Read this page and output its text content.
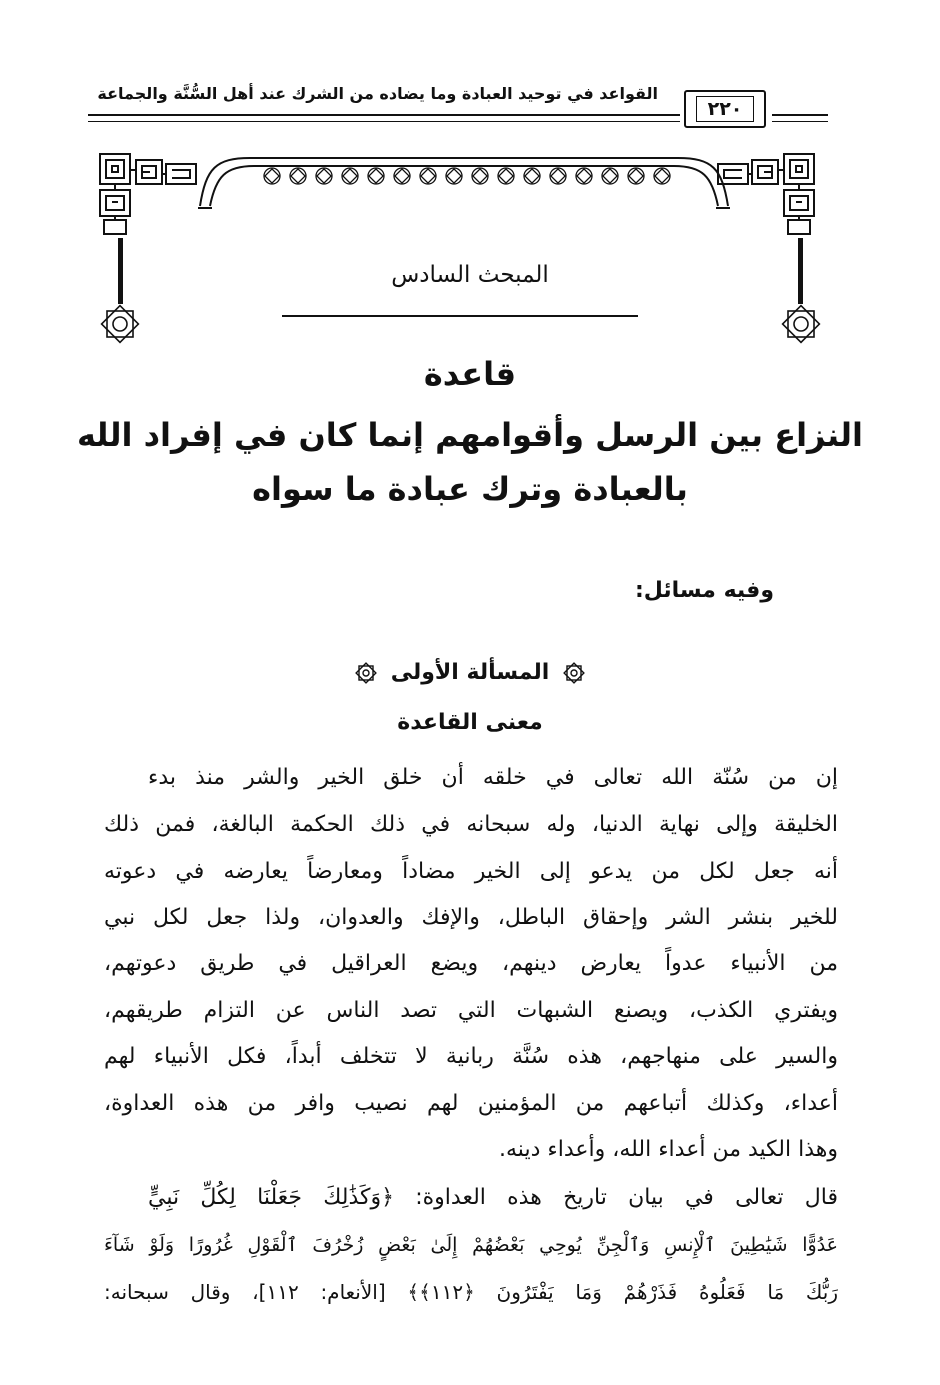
القواعد في توحيد العبادة وما يضاده من الشرك عند أهل السُّنَّة والجماعة
٢٢٠
المبحث السادس
قاعدة
النزاع بين الرسل وأقوامهم إنما كان في إفراد الله
بالعبادة وترك عبادة ما سواه
وفيه مسائل:
المسألة الأولى
معنى القاعدة
إن من سُنّة الله تعالى في خلقه أن خلق الخير والشر منذ بدء
الخليقة وإلى نهاية الدنيا، وله سبحانه في ذلك الحكمة البالغة، فمن ذلك
أنه جعل لكل من يدعو إلى الخير مضاداً ومعارضاً يعارضه في دعوته
للخير بنشر الشر وإحقاق الباطل، والإفك والعدوان، ولذا جعل لكل نبي
من الأنبياء عدواً يعارض دينهم، ويضع العراقيل في طريق دعوتهم،
ويفتري الكذب، ويصنع الشبهات التي تصد الناس عن التزام طريقهم،
والسير على منهاجهم، هذه سُنَّة ربانية لا تتخلف أبداً، فكل الأنبياء لهم
أعداء، وكذلك أتباعهم من المؤمنين لهم نصيب وافر من هذه العداوة،
وهذا الكيد من أعداء الله، وأعداء دينه.
قال تعالى في بيان تاريخ هذه العداوة: ﴿وَكَذَٰلِكَ جَعَلْنَا لِكُلِّ نَبِيٍّ
عَدُوًّا شَيَٰطِينَ ٱلْإِنسِ وَٱلْجِنِّ يُوحِي بَعْضُهُمْ إِلَىٰ بَعْضٍ زُخْرُفَ ٱلْقَوْلِ غُرُورًا وَلَوْ شَآءَ
رَبُّكَ مَا فَعَلُوهُ فَذَرْهُمْ وَمَا يَفْتَرُونَ ﴿١١٢﴾﴾ [الأنعام: ١١٢]، وقال سبحانه:
